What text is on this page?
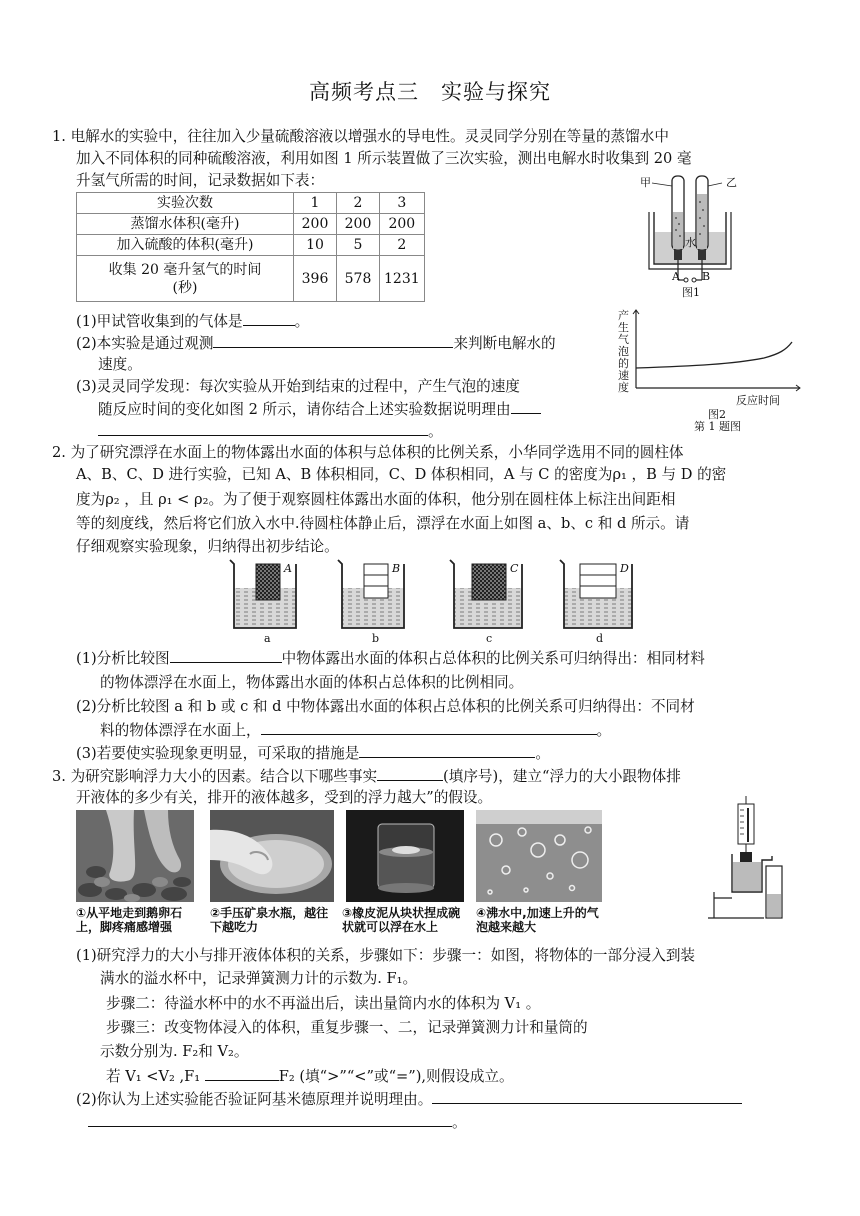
高频考点三　实验与探究
1. 电解水的实验中，往往加入少量硫酸溶液以增强水的导电性。灵灵同学分别在等量的蒸馏水中
加入不同体积的同种硫酸溶液，利用如图 1 所示装置做了三次实验，测出电解水时收集到 20 毫
升氢气所需的时间，记录数据如下表：
实验次数	1	2	3
蒸馏水体积(毫升)	200	200	200
加入硫酸的体积(毫升)	10	5	2

收集 20 毫升氢气的时间
(秒)	396	578	1231
(1)甲试管收集到的气体是	。
(2)本实验是通过观测	来判断电解水的
速度。
(3)灵灵同学发现：每次实验从开始到结束的过程中，产生气泡的速度
随反应时间的变化如图 2 所示，请你结合上述实验数据说明理由
。
甲	乙
水
A B
图1
产生气泡的速度
反应时间
图2
第 1 题图
2. 为了研究漂浮在水面上的物体露出水面的体积与总体积的比例关系，小华同学选用不同的圆柱体
A、B、C、D 进行实验，已知 A、B 体积相同，C、D 体积相同，A 与 C 的密度为ρ₁ ，B 与 D 的密
度为ρ₂ ，且 ρ₁ < ρ₂。为了便于观察圆柱体露出水面的体积，他分别在圆柱体上标注出间距相
等的刻度线，然后将它们放入水中.待圆柱体静止后，漂浮在水面上如图 a、b、c 和 d 所示。请
仔细观察实验现象，归纳得出初步结论。
A
a
B
b
C
c
D
d
(1)分析比较图	中物体露出水面的体积占总体积的比例关系可归纳得出：相同材料
的物体漂浮在水面上，物体露出水面的体积占总体积的比例相同。
(2)分析比较图 a 和 b 或 c 和 d 中物体露出水面的体积占总体积的比例关系可归纳得出：不同材
料的物体漂浮在水面上，	。
(3)若要使实验现象更明显，可采取的措施是	。
3. 为研究影响浮力大小的因素。结合以下哪些事实	(填序号)，建立“浮力的大小跟物体排
开液体的多少有关，排开的液体越多，受到的浮力越大”的假设。
①从平地走到鹅卵石上，脚疼痛感增强
②手压矿泉水瓶，越往下越吃力
③橡皮泥从块状捏成碗状就可以浮在水上
④沸水中,加速上升的气泡越来越大
(1)研究浮力的大小与排开液体体积的关系，步骤如下：步骤一：如图，将物体的一部分浸入到装
满水的溢水杯中，记录弹簧测力计的示数为. F₁。
步骤二：待溢水杯中的水不再溢出后，读出量筒内水的体积为 V₁ 。
步骤三：改变物体浸入的体积，重复步骤一、二，记录弹簧测力计和量筒的
示数分别为. F₂和 V₂。
若 V₁ <V₂ ,F₁	F₂ (填“>”“<”或“=”),则假设成立。
(2)你认为上述实验能否验证阿基米德原理并说明理由。
。
